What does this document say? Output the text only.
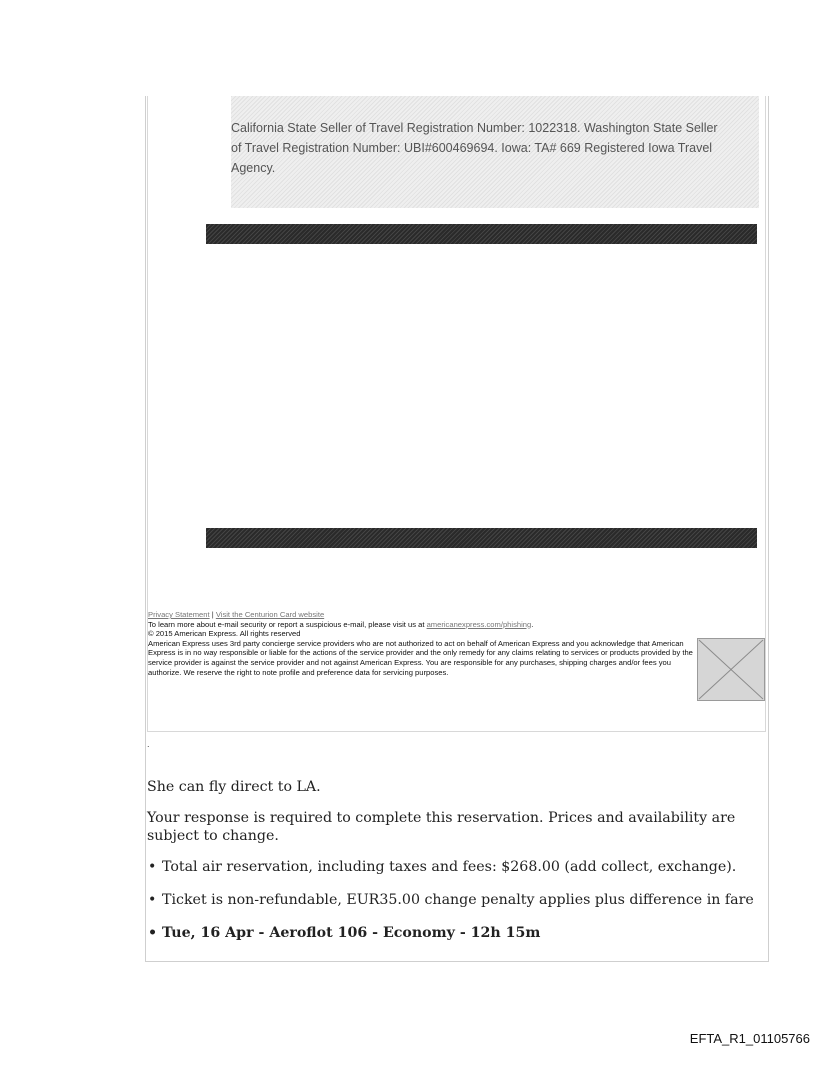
California State Seller of Travel Registration Number: 1022318. Washington State Seller of Travel Registration Number: UBI#600469694. Iowa: TA# 669 Registered Iowa Travel Agency.

Privacy Statement | Visit the Centurion Card website

To learn more about e-mail security or report a suspicious e-mail, please visit us at americanexpress.com/phishing.

© 2015 American Express. All rights reserved

American Express uses 3rd party concierge service providers who are not authorized to act on behalf of American Express and you acknowledge that American Express is in no way responsible or liable for the actions of the service provider and the only remedy for any claims relating to services or products provided by the service provider is against the service provider and not against American Express. You are responsible for any purchases, shipping charges and/or fees you authorize. We reserve the right to note profile and preference data for servicing purposes.

.

She can fly direct to LA.

Your response is required to complete this reservation. Prices and availability are subject to change.

• Total air reservation, including taxes and fees: $268.00 (add collect, exchange).
• Ticket is non-refundable, EUR35.00 change penalty applies plus difference in fare
• Tue, 16 Apr - Aeroflot 106 - Economy - 12h 15m
EFTA_R1_01105766
